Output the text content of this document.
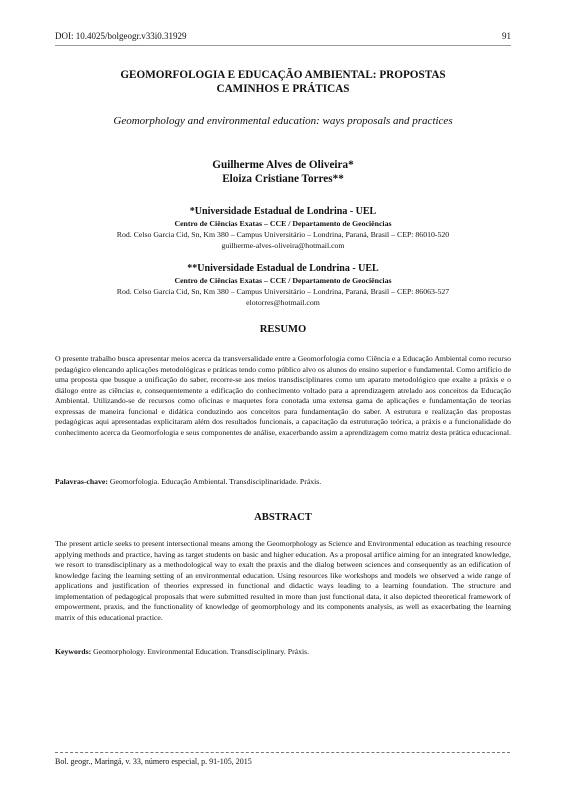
DOI: 10.4025/bolgeogr.v33i0.31929	91
GEOMORFOLOGIA E EDUCAÇÃO AMBIENTAL: PROPOSTAS
CAMINHOS E PRÁTICAS
Geomorphology and environmental education: ways proposals and practices
Guilherme Alves de Oliveira*
Eloiza Cristiane Torres**
*Universidade Estadual de Londrina - UEL
Centro de Ciências Exatas – CCE / Departamento de Geociências
Rod. Celso Garcia Cid, Sn, Km 380 – Campus Universitário – Londrina, Paraná, Brasil – CEP: 86010-520
guilherme-alves-oliveira@hotmail.com
**Universidade Estadual de Londrina - UEL
Centro de Ciências Exatas – CCE / Departamento de Geociências
Rod. Celso Garcia Cid, Sn, Km 380 – Campus Universitário – Londrina, Paraná, Brasil – CEP: 86063-527
elotorres@hotmail.com
RESUMO
O presente trabalho busca apresentar meios acerca da transversalidade entre a Geomorfologia como Ciência e a Educação Ambiental como recurso pedagógico elencando aplicações metodológicas e práticas tendo como público alvo os alunos do ensino superior e fundamental. Como artifício de uma proposta que busque a unificação do saber, recorre-se aos meios transdisciplinares como um aparato metodológico que exalte a práxis e o diálogo entre as ciências e, consequentemente a edificação do conhecimento voltado para a aprendizagem atrelado aos conceitos da Educação Ambiental. Utilizando-se de recursos como oficinas e maquetes fora conotada uma extensa gama de aplicações e fundamentação de teorias expressas de maneira funcional e didática conduzindo aos conceitos para fundamentação do saber. A estrutura e realização das propostas pedagógicas aqui apresentadas explicitaram além dos resultados funcionais, a capacitação da estruturação teórica, a práxis e a funcionalidade do conhecimento acerca da Geomorfologia e seus componentes de análise, exacerbando assim a aprendizagem como matriz desta prática educacional.
Palavras-chave: Geomorfologia. Educação Ambiental. Transdisciplinaridade. Práxis.
ABSTRACT
The present article seeks to present intersectional means among the Geomorphology as Science and Environmental education as teaching resource applying methods and practice, having as target students on basic and higher education. As a proposal artifice aiming for an integrated knowledge, we resort to transdisciplinary as a methodological way to exalt the praxis and the dialog between sciences and consequently as an edification of knowledge facing the learning setting of an environmental education. Using resources like workshops and models we observed a wide range of applications and justification of theories expressed in functional and didactic ways leading to a learning foundation. The structure and implementation of pedagogical proposals that were submitted resulted in more than just functional data, it also depicted theoretical framework of empowerment, praxis, and the functionality of knowledge of geomorphology and its components analysis, as well as exacerbating the learning matrix of this educational practice.
Keywords: Geomorphology. Environmental Education. Transdisciplinary. Práxis.
Bol. geogr., Maringá, v. 33, número especial, p. 91-105, 2015
